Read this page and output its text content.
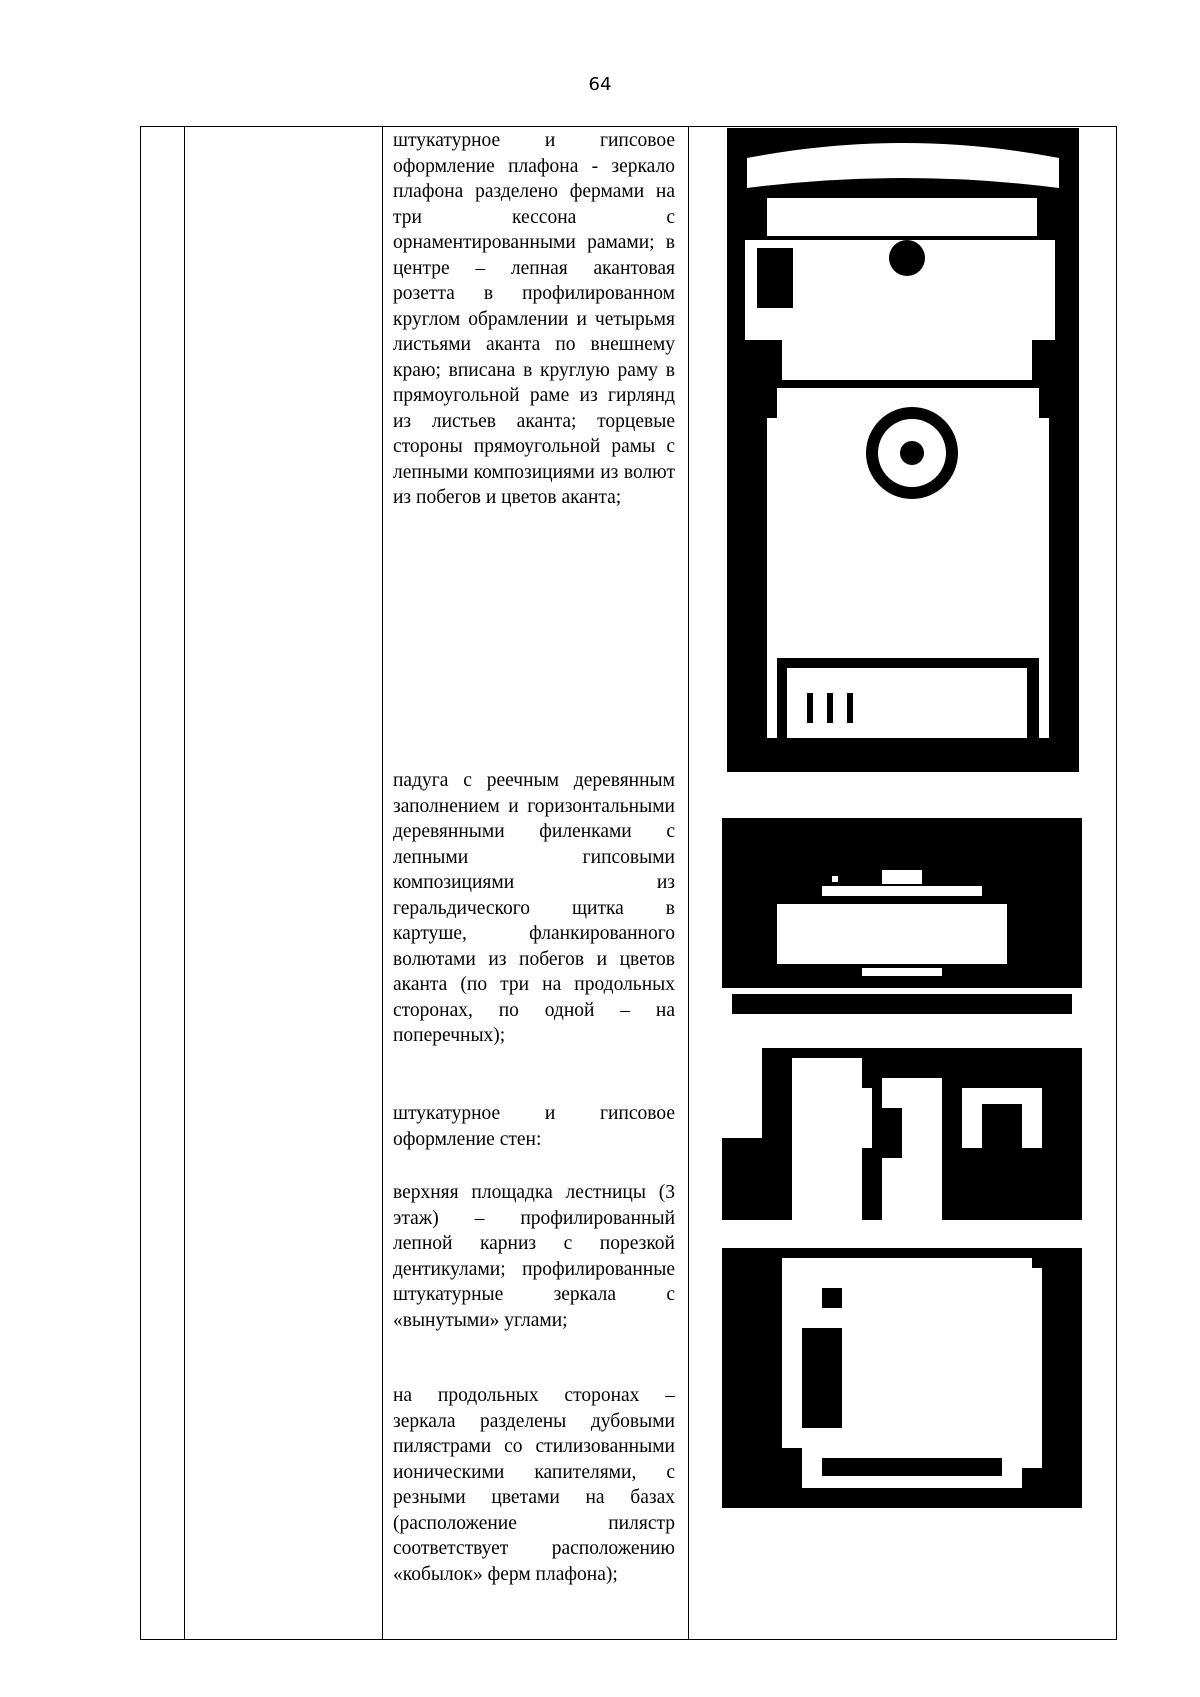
64

штукатурное и гипсовое оформление плафона - зеркало плафона разделено фермами на три кессона с орнаментированными рамами; в центре – лепная акантовая розетта в профилированном круглом обрамлении и четырьмя листьями аканта по внешнему краю; вписана в круглую раму в прямоугольной раме из гирлянд из листьев аканта; торцевые стороны прямоугольной рамы с лепными композициями из волют из побегов и цветов аканта;

падуга с реечным деревянным заполнением и горизонтальными деревянными филенками с лепными гипсовыми композициями из геральдического щитка в картуше, фланкированного волютами из побегов и цветов аканта (по три на продольных сторонах, по одной – на поперечных);

штукатурное и гипсовое оформление стен:

верхняя площадка лестницы (3 этаж) – профилированный лепной карниз с порезкой дентикулами; профилированные штукатурные зеркала с «вынутыми» углами;

на продольных сторонах – зеркала разделены дубовыми пилястрами со стилизованными ионическими капителями, с резными цветами на базах (расположение пилястр соответствует расположению «кобылок» ферм плафона);
